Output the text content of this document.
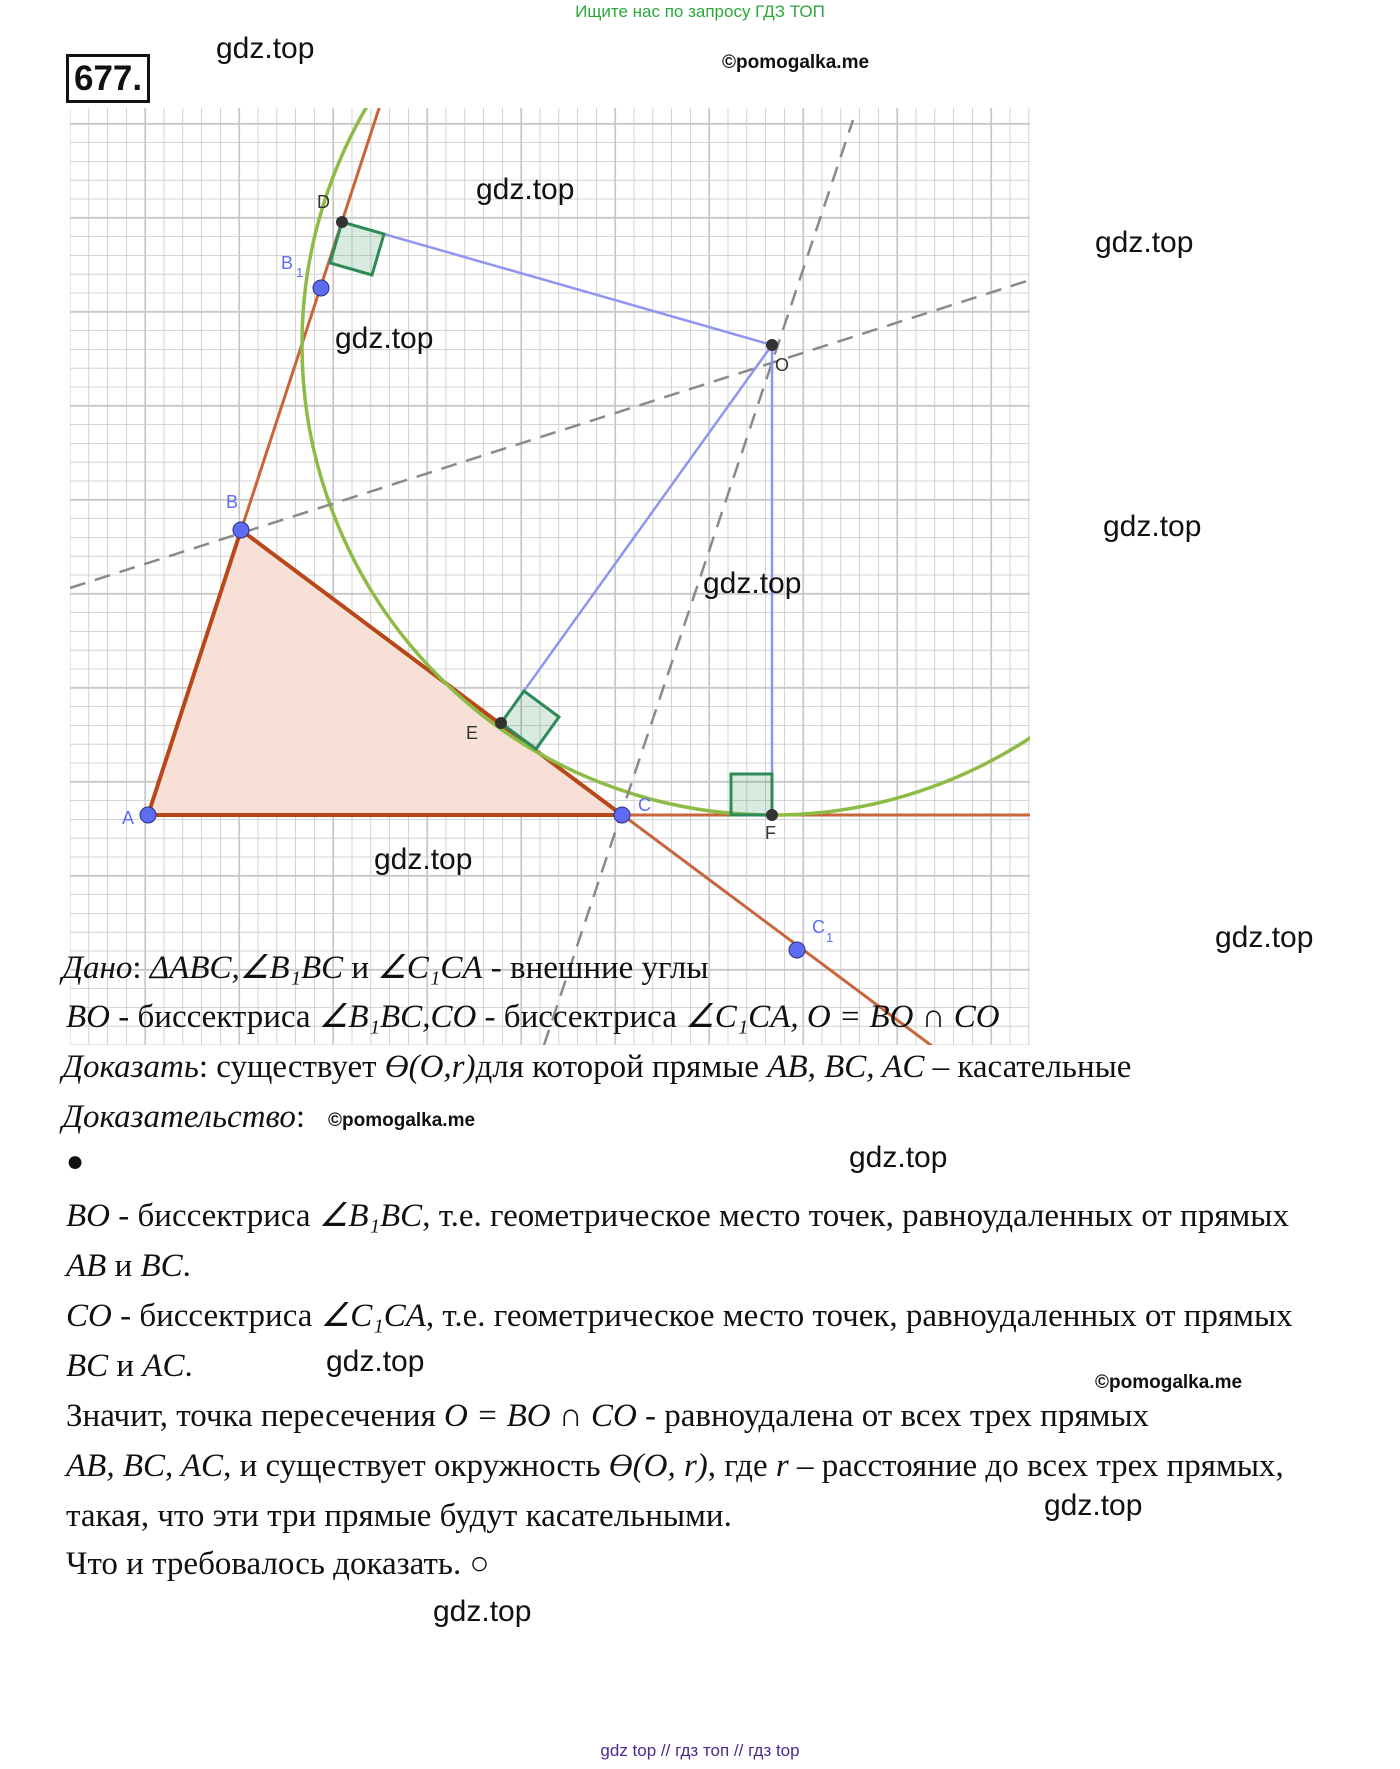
Ищите нас по запросу ГДЗ ТОП
677.
gdz.top	©pomogalka.me
A
B
C
B 1
C
1
D
E
F
O
gdz.top
gdz.top
gdz.top
gdz.top
gdz.top
gdz.top
gdz.top
Дано: ΔABC,∠B₁BC и ∠C₁CA - внешние углы
BO - биссектриса ∠B₁BC,CO - биссектриса ∠C₁CA, O = BO ∩ CO
Доказать: существует Ɵ(O,r)для которой прямые AB, BC, AC – касательные
Доказательство: ©pomogalka.me
●	gdz.top
BO - биссектриса ∠B₁BC, т.е. геометрическое место точек, равноудаленных от прямых
AB и BC.
CO - биссектриса ∠C₁CA, т.е. геометрическое место точек, равноудаленных от прямых
BC и AC.	gdz.top
©pomogalka.me
Значит, точка пересечения O = BO ∩ CO - равноудалена от всех трех прямых
AB, BC, AC, и существует окружность Ɵ(O, r), где r – расстояние до всех трех прямых,
такая, что эти три прямые будут касательными.	gdz.top
Что и требовалось доказать. ○
gdz.top
gdz top // гдз топ // гдз top
